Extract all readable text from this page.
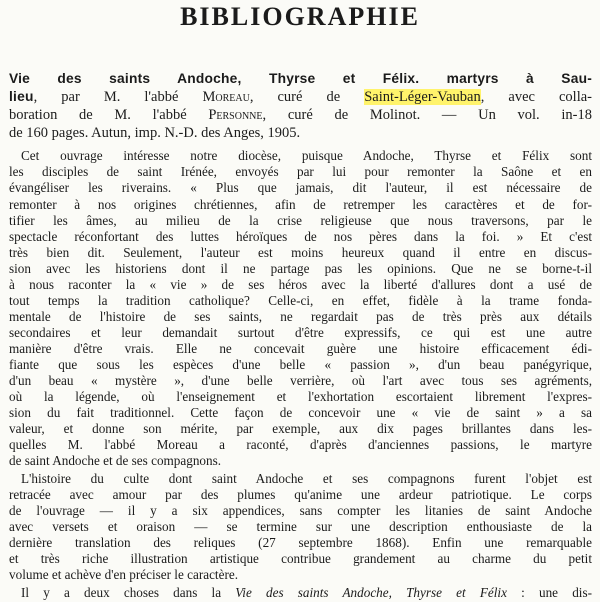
BIBLIOGRAPHIE
Vie des saints Andoche, Thyrse et Félix. martyrs à Sau-
lieu, par M. l'abbé Moreau, curé de Saint-Léger-Vauban, avec colla-
boration de M. l'abbé Personne, curé de Molinot. — Un vol. in-18
de 160 pages. Autun, imp. N.-D. des Anges, 1905.
Cet ouvrage intéresse notre diocèse, puisque Andoche, Thyrse et Félix sont
les disciples de saint Irénée, envoyés par lui pour remonter la Saône et en
évangéliser les riverains. « Plus que jamais, dit l'auteur, il est nécessaire de
remonter à nos origines chrétiennes, afin de retremper les caractères et de for-
tifier les âmes, au milieu de la crise religieuse que nous traversons, par le
spectacle réconfortant des luttes héroïques de nos pères dans la foi. » Et c'est
très bien dit. Seulement, l'auteur est moins heureux quand il entre en discus-
sion avec les historiens dont il ne partage pas les opinions. Que ne se borne-t-il
à nous raconter la « vie » de ses héros avec la liberté d'allures dont a usé de
tout temps la tradition catholique? Celle-ci, en effet, fidèle à la trame fonda-
mentale de l'histoire de ses saints, ne regardait pas de très près aux détails
secondaires et leur demandait surtout d'être expressifs, ce qui est une autre
manière d'être vrais. Elle ne concevait guère une histoire efficacement édi-
fiante que sous les espèces d'une belle « passion », d'un beau panégyrique,
d'un beau « mystère », d'une belle verrière, où l'art avec tous ses agréments,
où la légende, où l'enseignement et l'exhortation escortaient librement l'expres-
sion du fait traditionnel. Cette façon de concevoir une « vie de saint » a sa
valeur, et donne son mérite, par exemple, aux dix pages brillantes dans les-
quelles M. l'abbé Moreau a raconté, d'après d'anciennes passions, le martyre
de saint Andoche et de ses compagnons.
L'histoire du culte dont saint Andoche et ses compagnons furent l'objet est
retracée avec amour par des plumes qu'anime une ardeur patriotique. Le corps
de l'ouvrage — il y a six appendices, sans compter les litanies de saint Andoche
avec versets et oraison — se termine sur une description enthousiaste de la
dernière translation des reliques (27 septembre 1868). Enfin une remarquable
et très riche illustration artistique contribue grandement au charme du petit
volume et achève d'en préciser le caractère.
Il y a deux choses dans la Vie des saints Andoche, Thyrse et Félix : une dis-
